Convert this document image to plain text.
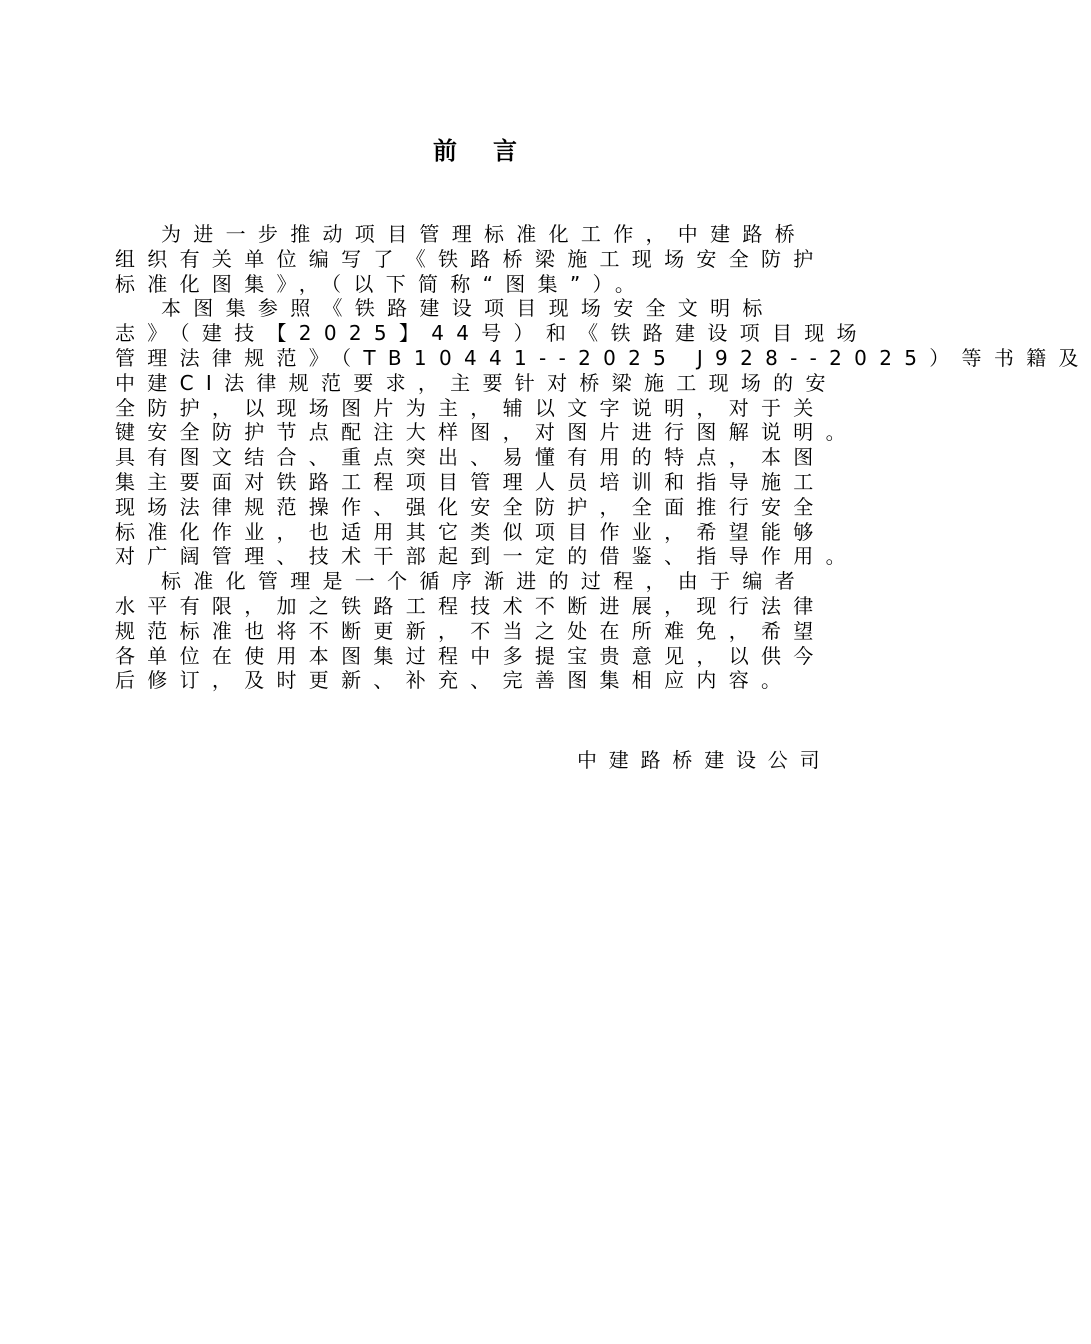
前言
为进一步推动项目管理标准化工作，中建路桥
组织有关单位编写了《铁路桥梁施工现场安全防护
标准化图集》，（以下简称“图集”）。
本图集参照《铁路建设项目现场安全文明标
志》（建技【2025】44号）和《铁路建设项目现场
管理法律规范》（TB10441--2025 J928--2025）等书籍及
中建CI法律规范要求，主要针对桥梁施工现场的安
全防护，以现场图片为主，辅以文字说明，对于关
键安全防护节点配注大样图，对图片进行图解说明。
具有图文结合、重点突出、易懂有用的特点，本图
集主要面对铁路工程项目管理人员培训和指导施工
现场法律规范操作、强化安全防护，全面推行安全
标准化作业，也适用其它类似项目作业，希望能够
对广阔管理、技术干部起到一定的借鉴、指导作用。
标准化管理是一个循序渐进的过程，由于编者
水平有限，加之铁路工程技术不断进展，现行法律
规范标准也将不断更新，不当之处在所难免，希望
各单位在使用本图集过程中多提宝贵意见，以供今
后修订，及时更新、补充、完善图集相应内容。
中建路桥建设公司
